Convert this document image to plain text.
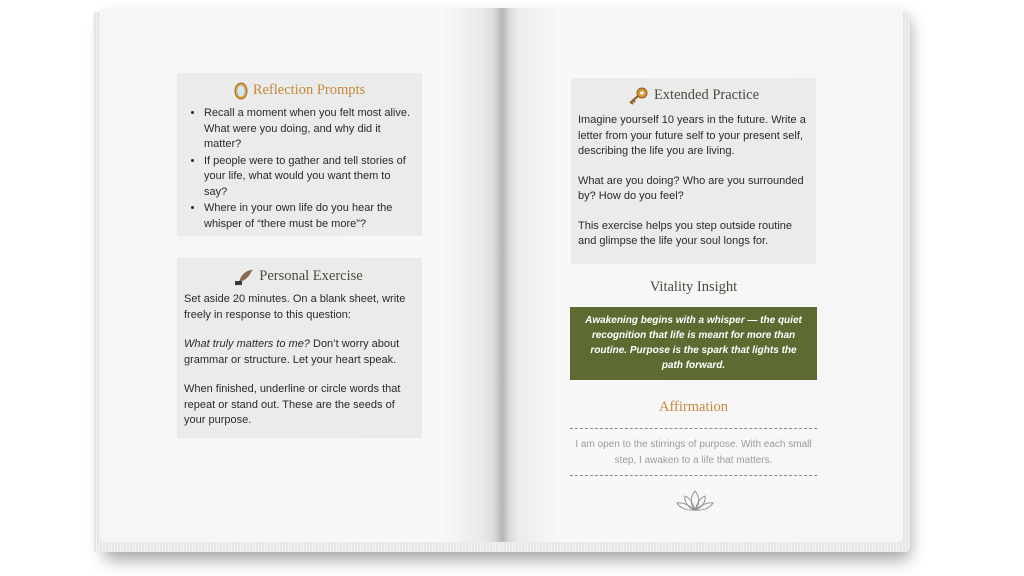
Reflection Prompts
• Recall a moment when you felt most alive. What were you doing, and why did it matter?
• If people were to gather and tell stories of your life, what would you want them to say?
• Where in your own life do you hear the whisper of “there must be more”?
Personal Exercise

Set aside 20 minutes. On a blank sheet, write freely in response to this question:

What truly matters to me? Don’t worry about grammar or structure. Let your heart speak.

When finished, underline or circle words that repeat or stand out. These are the seeds of your purpose.

Extended Practice

Imagine yourself 10 years in the future. Write a letter from your future self to your present self, describing the life you are living.

What are you doing? Who are you surrounded by? How do you feel?

This exercise helps you step outside routine and glimpse the life your soul longs for.

Vitality Insight
Awakening begins with a whisper — the quiet recognition that life is meant for more than routine. Purpose is the spark that lights the path forward.
Affirmation
I am open to the stirrings of purpose. With each small step, I awaken to a life that matters.
